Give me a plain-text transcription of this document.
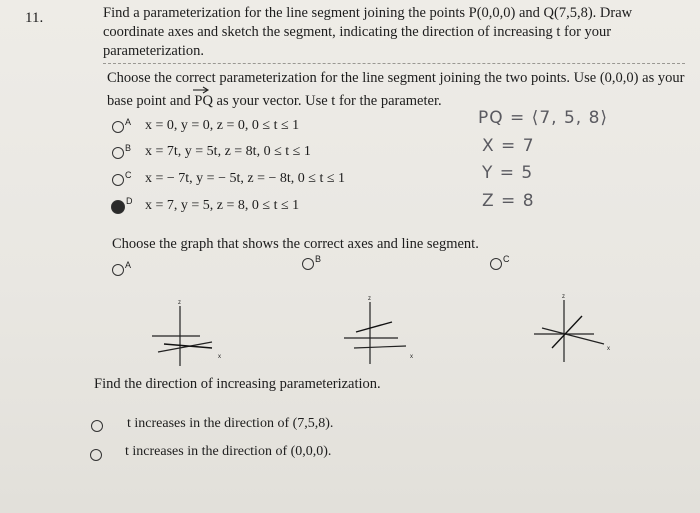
11.	Find a parameterization for the line segment joining the points P(0,0,0) and Q(7,5,8). Draw
coordinate axes and sketch the segment, indicating the direction of increasing t for your
parameterization.
Choose the correct parameterization for the line segment joining the two points. Use (0,0,0) as your
base point and PQ as your vector. Use t for the parameter.
A x = 0, y = 0, z = 0, 0 ≤ t ≤ 1
B x = 7t, y = 5t, z = 8t, 0 ≤ t ≤ 1
C x = − 7t, y = − 5t, z = − 8t, 0 ≤ t ≤ 1
D x = 7, y = 5, z = 8, 0 ≤ t ≤ 1
PQ = ⟨7, 5, 8⟩
X = 7
Y = 5
Z = 8
Choose the graph that shows the correct axes and line segment.
A
B	C
z
x
z
x
z
x
Find the direction of increasing parameterization.
t increases in the direction of (7,5,8).
t increases in the direction of (0,0,0).
